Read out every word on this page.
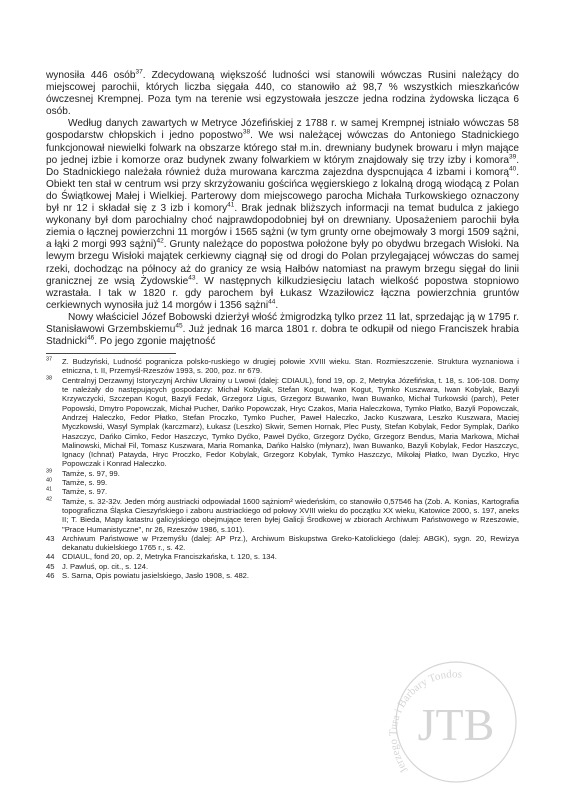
wynosiła 446 osób$^{37}$. Zdecydowaną większość ludności wsi stanowili wówczas Rusini należący do miejscowej parochii, których liczba sięgała 440, co stanowiło aż 98,7 % wszystkich mieszkańców ówczesnej Krempnej. Poza tym na terenie wsi egzystowała jeszcze jedna rodzina żydowska licząca 6 osób.

Według danych zawartych w Metryce Józefińskiej z 1788 r. w samej Krempnej istniało wówczas 58 gospodarstw chłopskich i jedno popostwo$^{38}$. We wsi należącej wówczas do Antoniego Stadnickiego funkcjonował niewielki folwark na obszarze którego stał m.in. drewniany budynek browaru i młyn mające po jednej izbie i komorze oraz budynek zwany folwarkiem w którym znajdowały się trzy izby i komora$^{39}$. Do Stadnickiego należała również duża murowana karczma zajezdna dyspcnująca 4 izbami i komorą$^{40}$. Obiekt ten stał w centrum wsi przy skrzyżowaniu gościńca węgierskiego z lokalną drogą wiodącą z Polan do Świątkowej Małej i Wielkiej. Parterowy dom miejscowego parocha Michała Turkowskiego oznaczony był nr 12 i składał się z 3 izb i komory$^{41}$. Brak jednak bliższych informacji na temat budulca z jakiego wykonany był dom parochialny choć najprawdopodobniej był on drewniany. Uposażeniem parochii była ziemia o łącznej powierzchni 11 morgów i 1565 sążni (w tym grunty orne obejmowały 3 morgi 1509 sążni, a łąki 2 morgi 993 sążni)$^{42}$. Grunty należące do popostwa położone były po obydwu brzegach Wisłoki. Na lewym brzegu Wisłoki majątek cerkiewny ciągnął się od drogi do Polan przylegającej wówczas do samej rzeki, dochodząc na północy aż do granicy ze wsią Hałbów natomiast na prawym brzegu sięgał do linii granicznej ze wsią Żydowskie$^{43}$. W następnych kilkudziesięciu latach wielkość popostwa stopniowo wzrastała. I tak w 1820 r. gdy parochem był Łukasz Wzaziłowicz łączna powierzchnia gruntów cerkiewnych wynosiła już 14 morgów i 1356 sążni$^{44}$.

Nowy właściciel Józef Bobowski dzierżył włość żmigrodzką tylko przez 11 lat, sprzedając ją w 1795 r. Stanisławowi Grzembskiemu$^{45}$. Już jednak 16 marca 1801 r. dobra te odkupił od niego Franciszek hrabia Stadnicki$^{46}$. Po jego zgonie majętność

$^{37}$	Z. Budzyński, Ludność pogranicza polsko-ruskiego w drugiej połowie XVIII wieku. Stan. Rozmieszczenie. Struktura wyznaniowa i etniczna, t. II, Przemyśl-Rzeszów 1993, s. 200, poz. nr 679.
$^{38}$	Centralnyj Derzawnyj Istoryczynj Archiw Ukrainy u Lwowi (dalej: CDIAUL), fond 19, op. 2, Metryka Józefińska, t. 18, s. 106-108. Domy te należały do następujących gospodarzy: Michał Kobylak, Stefan Kogut, Iwan Kogut, Tymko Kuszwara, Iwan Kobylak, Bazyli Krzywczycki, Szczepan Kogut, Bazyli Fedak, Grzegorz Ligus, Grzegorz Buwanko, Iwan Buwanko, Michał Turkowski (parch), Peter Popowski, Dmytro Popowczak, Michał Pucher, Dańko Popowczak, Hryc Czakos, Maria Haleczkowa, Tymko Płatko, Bazyli Popowczak, Andrzej Haleczko, Fedor Płatko, Stefan Proczko, Tymko Pucher, Paweł Haleczko, Jacko Kuszwara, Leszko Kuszwara, Maciej Myczkowski, Wasyl Symplak (karczmarz), Łukasz (Leszko) Skwir, Semen Hornak, Plec Pusty, Stefan Kobylak, Fedor Symplak, Dańko Haszczyc, Dańko Cimko, Fedor Haszczyc, Tymko Dyćko, Paweł Dyćko, Grzegorz Dyćko, Grzegorz Bendus, Maria Markowa, Michał Malinowski, Michał Fil, Tomasz Kuszwara, Maria Romanka, Dańko Halsko (młynarz), Iwan Buwanko, Bazyli Kobylak, Fedor Haszczyc, Ignacy (Ichnat) Patayda, Hryc Proczko, Fedor Kobylak, Grzegorz Kobylak, Tymko Haszczyc, Mikołaj Płatko, Iwan Dyczko, Hryc Popowczak i Konrad Haleczko.
$^{39}$	Tamże, s. 97, 99.
$^{40}$	Tamże, s. 99.
$^{41}$	Tamże, s. 97.
$^{42}$	Tamże, s. 32-32v. Jeden mórg austriacki odpowiadał 1600 sążniom² wiedeńskim, co stanowiło 0,57546 ha (Zob. A. Konias, Kartografia topograficzna Śląska Cieszyńskiego i zaboru austriackiego od połowy XVIII wieku do początku XX wieku, Katowice 2000, s. 197, aneks II; T. Bieda, Mapy katastru galicyjskiego obejmujące teren byłej Galicji Środkowej w zbiorach Archiwum Państwowego w Rzeszowie, "Prace Humanistyczne", nr 26, Rzeszów 1986, s.101).
43 Archiwum Państwowe w Przemyślu (dalej: AP Prz.), Archiwum Biskupstwa Greko-Katolickiego (dalej: ABGK), sygn. 20, Rewizya dekanatu dukielskiego 1765 r., s. 42.
44 CDIAUL, fond 20, op. 2, Metryka Franciszkańska, t. 120, s. 134.
45 J. Pawluś, op. cit., s. 124.
46 S. Sarna, Opis powiatu jasielskiego, Jasło 1908, s. 482.
Jerzego Tura i Barbary Tondos
JTB
